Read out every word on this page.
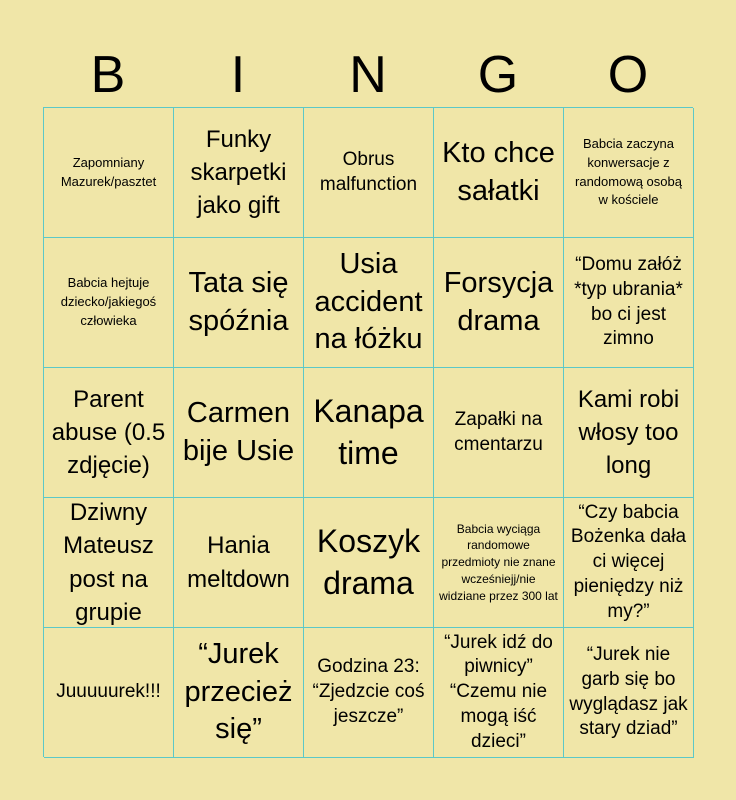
B	I	N	G	O
Zapomniany Mazurek/pasztet
Funky skarpetki jako gift
Obrus malfunction
Kto chce sałatki
Babcia zaczyna konwersacje z randomową osobą w kościele
Babcia hejtuje dziecko/jakiegoś człowieka
Tata się spóźnia
Usia accident na łóżku
Forsycja drama
“Domu załóż *typ ubrania* bo ci jest zimno
Parent abuse (0.5 zdjęcie)
Carmen bije Usie
Kanapa time
Zapałki na cmentarzu
Kami robi włosy too long
Dziwny Mateusz post na grupie
Hania meltdown
Koszyk drama
Babcia wyciąga randomowe przedmioty nie znane wcześniejj/nie widziane przez 300 lat
“Czy babcia Bożenka dała ci więcej pieniędzy niż my?”
Juuuuurek!!!
“Jurek przecież się”
Godzina 23: “Zjedzcie coś jeszcze”
“Jurek idź do piwnicy” “Czemu nie mogą iść dzieci”
“Jurek nie garb się bo wyglądasz jak stary dziad”
